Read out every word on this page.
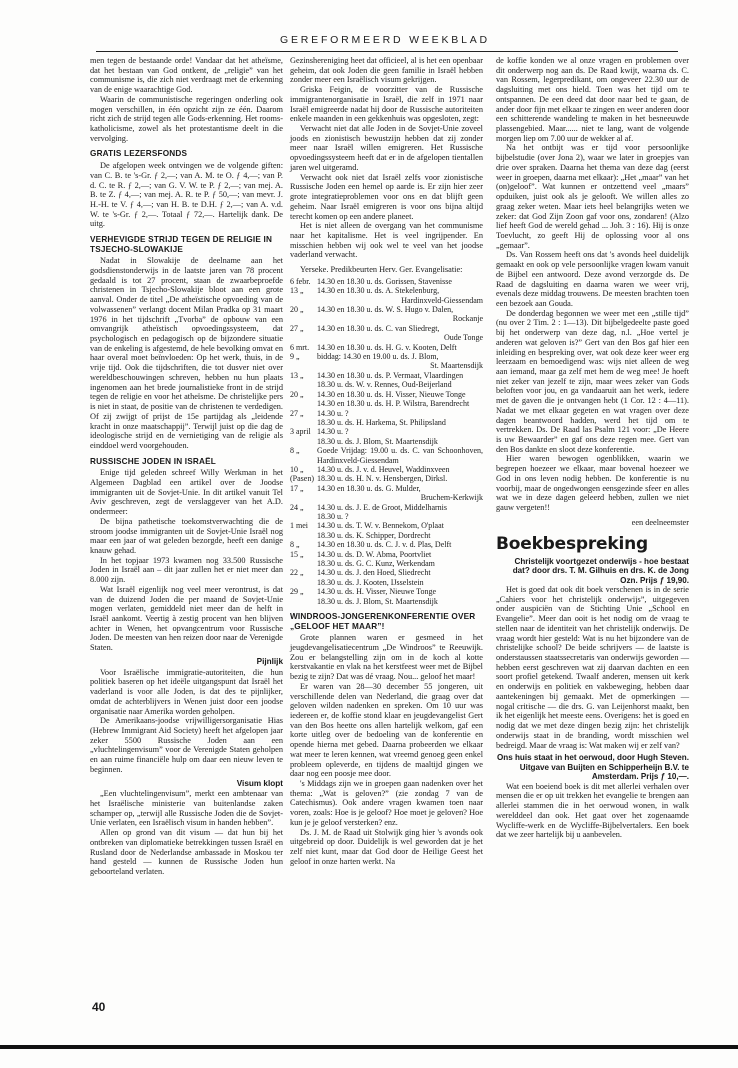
GEREFORMEERD WEEKBLAD

men tegen de bestaande orde! Vandaar dat het atheïsme, dat het bestaan van God ontkent, de „religie” van het communisme is, die zich niet verdraagt met de erkenning van de enige waarachtige God.

Waarin de communistische regeringen onderling ook mogen verschillen, in één opzicht zijn ze één. Daarom richt zich de strijd tegen alle Gods-erkenning. Het rooms-katholicisme, zowel als het protestantisme deelt in die vervolging.

GRATIS LEZERSFONDS

De afgelopen week ontvingen we de volgende giften: van C. B. te 's-Gr. ƒ 2,—; van A. M. te O. ƒ 4,—; van P. d. C. te R. ƒ 2,—; van G. V. W. te P. ƒ 2,—; van mej. A. B. te Z. ƒ 4,—; van mej. A. R. te P. ƒ 50,—; van mevr. J. H.-H. te V. ƒ 4,—; van H. B. te D.H. ƒ 2,—; van A. v.d. W. te 's-Gr. ƒ 2,—. Totaal ƒ 72,—. Hartelijk dank. De uitg.

VERHEVIGDE STRIJD TEGEN DE RELIGIE IN TSJECHO-SLOWAKIJE

Nadat in Slowakije de deelname aan het godsdienstonderwijs in de laatste jaren van 78 procent gedaald is tot 27 procent, staan de zwaarbeproefde christenen in Tsjecho-Slowakije bloot aan een grote aanval. Onder de titel „De atheïstische opvoeding van de volwassenen” verlangt docent Milan Pradka op 31 maart 1976 in het tijdschrift „Tvorba” de opbouw van een omvangrijk atheïstisch opvoedingssysteem, dat psychologisch en pedagogisch op de bijzondere situatie van de enkeling is afgestemd, de hele bevolking omvat en haar overal moet beïnvloeden: Op het werk, thuis, in de vrije tijd. Ook die tijdschriften, die tot dusver niet over wereldbeschouwingen schreven, hebben nu hun plaats ingenomen aan het brede journalistieke front in de strijd tegen de religie en voor het atheïsme. De christelijke pers is niet in staat, de positie van de christenen te verdedigen. Of zij zwijgt of prijst de 15e partijdag als „leidende kracht in onze maatschappij”. Terwijl juist op die dag de ideologische strijd en de vernietiging van de religie als einddoel werd voorgehouden.

RUSSISCHE JODEN IN ISRAËL

Enige tijd geleden schreef Willy Werkman in het Algemeen Dagblad een artikel over de Joodse immigranten uit de Sovjet-Unie. In dit artikel vanuit Tel Aviv geschreven, zegt de verslaggever van het A.D. ondermeer:

De bijna pathetische toekomstverwachting die de stroom joodse immigranten uit de Sovjet-Unie Israël nog maar een jaar of wat geleden bezorgde, heeft een danige knauw gehad.

In het topjaar 1973 kwamen nog 33.500 Russische Joden in Israël aan – dit jaar zullen het er niet meer dan 8.000 zijn.

Wat Israël eigenlijk nog veel meer verontrust, is dat van de duizend Joden die per maand de Sovjet-Unie mogen verlaten, gemiddeld niet meer dan de helft in Israël aankomt. Veertig à zestig procent van hen blijven achter in Wenen, het opvangcentrum voor Russische Joden. De meesten van hen reizen door naar de Verenigde Staten.

Pijnlijk

Voor Israëlische immigratie-autoriteiten, die hun politiek baseren op het ideële uitgangspunt dat Israël het vaderland is voor alle Joden, is dat des te pijnlijker, omdat de achterblijvers in Wenen juist door een joodse organisatie naar Amerika worden geholpen.

De Amerikaans-joodse vrijwilligersorganisatie Hias (Hebrew Immigrant Aid Society) heeft het afgelopen jaar zeker 5500 Russische Joden aan een „vluchtelingenvisum” voor de Verenigde Staten geholpen en aan ruime financiële hulp om daar een nieuw leven te beginnen.

Visum klopt

„Een vluchtelingenvisum”, merkt een ambtenaar van het Israëlische ministerie van buitenlandse zaken schamper op, „terwijl alle Russische Joden die de Sovjet-Unie verlaten, een Israëlisch visum in handen hebben”.

Allen op grond van dit visum — dat hun bij het ontbreken van diplomatieke betrekkingen tussen Israël en Rusland door de Nederlandse ambassade in Moskou ter hand gesteld — kunnen de Russische Joden hun geboorteland verlaten.

Gezinshereniging heet dat officieel, al is het een openbaar geheim, dat ook Joden die geen familie in Israël hebben zonder meer een Israëlisch visum gekrijgen.

Griska Feigin, de voorzitter van de Russische immigrantenorganisatie in Israël, die zelf in 1971 naar Israël emigreerde nadat hij door de Russische autoriteiten enkele maanden in een gekkenhuis was opgesloten, zegt:

Verwacht niet dat alle Joden in de Sovjet-Unie zoveel joods en zionistisch bewustzijn hebben dat zij zonder meer naar Israël willen emigreren. Het Russische opvoedingssysteem heeft dat er in de afgelopen tientallen jaren wel uitgeramd.

Verwacht ook niet dat Israël zelfs voor zionistische Russische Joden een hemel op aarde is. Er zijn hier zeer grote integratieproblemen voor ons en dat blijft geen geheim. Naar Israël emigreren is voor ons bijna altijd terecht komen op een andere planeet.

Het is niet alleen de overgang van het communisme naar het kapitalisme. Het is veel ingrijpender. En misschien hebben wij ook wel te veel van het joodse vaderland verwacht.

Yerseke. Predikbeurten Herv. Ger. Evangelisatie:

6 febr.	14.30 en 18.30 u. ds. Gorissen, Stavenisse
13 „	14.30 en 18.30 u. ds. A. Stekelenburg,
Hardinxveld-Giessendam

20 „	14.30 en 18.30 u. ds. W. S. Hugo v. Dalen,
Rockanje

27 „	14.30 en 18.30 u. ds. C. van Sliedregt,
Oude Tonge

6 mrt.	14.30 en 18.30 u. ds. H. G. v. Kooten, Delft
9 „	biddag: 14.30 en 19.00 u. ds. J. Blom,
St. Maartensdijk

13 „	14.30 en 18.30 u. ds. P. Vermaat, Vlaardingen
	18.30 u. ds. W. v. Rennes, Oud-Beijerland
20 „	14.30 en 18.30 u. ds. H. Visser, Nieuwe Tonge
	14.30 en 18.30 u. ds. H. P. Wilstra, Barendrecht
27 „	14.30 u. ?
	18.30 u. ds. H. Harkema, St. Philipsland
3 april	14.30 u. ?
	18.30 u. ds. J. Blom, St. Maartensdijk
8 „	Goede Vrijdag: 19.00 u. ds. C. van Schoonhoven, Hardinxveld-Giessendam
10 „	14.30 u. ds. J. v. d. Heuvel, Waddinxveen
(Pasen)	18.30 u. ds. H. N. v. Hensbergen, Dirksl.
17 „	14.30 en 18.30 u. ds. G. Mulder,
Bruchem-Kerkwijk

24 „	14.30 u. ds. J. E. de Groot, Middelharnis
	18.30 u. ?
1 mei	14.30 u. ds. T. W. v. Bennekom, O'plaat
	18.30 u. ds. K. Schipper, Dordrecht
8 „	14.30 en 18.30 u. ds. C. J. v. d. Plas, Delft
15 „	14.30 u. ds. D. W. Abma, Poortvliet
	18.30 u. ds. G. C. Kunz, Werkendam
22 „	14.30 u. ds. J. den Hoed, Sliedrecht
	18.30 u. ds. J. Kooten, IJsselstein
29 „	14.30 u. ds. H. Visser, Nieuwe Tonge
	18.30 u. ds. J. Blom, St. Maartensdijk
WINDROOS-JONGERENKONFERENTIE OVER „GELOOF HET MAAR”!

Grote plannen waren er gesmeed in het jeugdevangelisatiecentrum „De Windroos” te Reeuwijk. Zou er belangstelling zijn om in de koch al kotte kerstvakantie en vlak na het kerstfeest weer met de Bijbel bezig te zijn? Dat was dé vraag. Nou... geloof het maar!

Er waren van 28—30 december 55 jongeren, uit verschillende delen van Nederland, die graag over dat geloven wilden nadenken en spreken. Om 10 uur was iedereen er, de koffie stond klaar en jeugdevangelist Gert van den Bos heette ons allen hartelijk welkom, gaf een korte uitleg over de bedoeling van de konferentie en opende hierna met gebed. Daarna probeerden we elkaar wat meer te leren kennen, wat vreemd genoeg geen enkel probleem opleverde, en tijdens de maaltijd gingen we daar nog een poosje mee door.

's Middags zijn we in groepen gaan nadenken over het thema: „Wat is geloven?” (zie zondag 7 van de Catechismus). Ook andere vragen kwamen toen naar voren, zoals: Hoe is je geloof? Hoe moet je geloven? Hoe kun je je geloof versterken? enz.

Ds. J. M. de Raad uit Stolwijk ging hier 's avonds ook uitgebreid op door. Duidelijk is wel geworden dat je het zelf niet kunt, maar dat God door de Heilige Geest het geloof in onze harten werkt. Na

de koffie konden we al onze vragen en problemen over dit onderwerp nog aan ds. De Raad kwijt, waarna ds. C. van Rossem, legerpredikant, om ongeveer 22.30 uur de dagsluiting met ons hield. Toen was het tijd om te ontspannen. De een deed dat door naar bed te gaan, de ander door fijn met elkaar te zingen en weer anderen door een schitterende wandeling te maken in het besneeuwde plassengebied. Maar...... niet te lang, want de volgende morgen liep om 7.00 uur de wekker al af.

Na het ontbijt was er tijd voor persoonlijke bijbelstudie (over Jona 2), waar we later in groepjes van drie over spraken. Daarna het thema van deze dag (eerst weer in groepen, daarna met elkaar): „Het „maar” van het (on)geloof”. Wat kunnen er ontzettend veel „maars” opduiken, juist ook als je gelooft. We willen alles zo graag zeker weten. Maar iets heel belangrijks weten we zeker: dat God Zijn Zoon gaf voor ons, zondaren! (Alzo lief heeft God de wereld gehad ... Joh. 3 : 16). Hij is onze Toevlucht, zo geeft Hij de oplossing voor al ons „gemaar”.

Ds. Van Rossem heeft ons dat 's avonds heel duidelijk gemaakt en ook op vele persoonlijke vragen kwam vanuit de Bijbel een antwoord. Deze avond verzorgde ds. De Raad de dagsluiting en daarna waren we weer vrij, evenals deze middag trouwens. De meesten brachten toen een bezoek aan Gouda.

De donderdag begonnen we weer met een „stille tijd” (nu over 2 Tim. 2 : 1—13). Dit bijbelgedeelte paste goed bij het onderwerp van deze dag, n.l. „Hoe vertel je anderen wat geloven is?” Gert van den Bos gaf hier een inleiding en bespreking over, wat ook deze keer weer erg leerzaam en bemoedigend was: wijs niet alleen de weg aan iemand, maar ga zelf met hem de weg mee! Je hoeft niet zeker van jezelf te zijn, maar wees zeker van Gods beloften voor jou, en ga vandaaruit aan het werk, iedere met de gaven die je ontvangen hebt (1 Cor. 12 : 4—11). Nadat we met elkaar gegeten en wat vragen over deze dagen beantwoord hadden, werd het tijd om te vertrekken. Ds. De Raad las Psalm 121 voor: „De Heere is uw Bewaarder” en gaf ons deze regen mee. Gert van den Bos dankte en sloot deze konferentie.

Hier waren bewogen ogenblikken, waarin we begrepen hoezeer we elkaar, maar bovenal hoezeer we God in ons leven nodig hebben. De konferentie is nu voorbij, maar de ongedwongen eensgezinde sfeer en alles wat we in deze dagen geleerd hebben, zullen we niet gauw vergeten!!

een deelneemster
Boekbespreking
Christelijk voortgezet onderwijs - hoe bestaat dat? door drs. T. M. Gilhuis en drs. K. de Jong Ozn. Prijs ƒ 19,90.

Het is goed dat ook dit boek verschenen is in de serie „Cahiers voor het christelijk onderwijs”, uitgegeven onder auspiciën van de Stichting Unie „School en Evangelie”. Meer dan ooit is het nodig om de vraag te stellen naar de identiteit van het christelijk onderwijs. De vraag wordt hier gesteld: Wat is nu het bijzondere van de christelijke school? De beide schrijvers — de laatste is onderstaussen staatssecretaris van onderwijs geworden — hebben eerst geschreven wat zij daarvan dachten en een soort profiel getekend. Twaalf anderen, mensen uit kerk en onderwijs en politiek en vakbeweging, hebben daar aantekeningen bij gemaakt. Met de opmerkingen — nogal critische — die drs. G. van Leijenhorst maakt, ben ik het eigenlijk het meeste eens. Overigens: het is goed en nodig dat we met deze dingen bezig zijn: het christelijk onderwijs staat in de branding, wordt misschien wel bedreigd. Maar de vraag is: Wat maken wij er zelf van?

Ons huis staat in het oerwoud, door Hugh Steven. Uitgave van Buijten en Schipperheijn B.V. te Amsterdam. Prijs ƒ 10,—.

Wat een boeiend boek is dit met allerlei verhalen over mensen die er op uit trekken het evangelie te brengen aan allerlei stammen die in het oerwoud wonen, in walk werelddeel dan ook. Het gaat over het zogenaamde Wycliffe-werk en de Wycliffe-Bijbelvertalers. Een boek dat we zeer hartelijk bij u aanbevelen.

40
